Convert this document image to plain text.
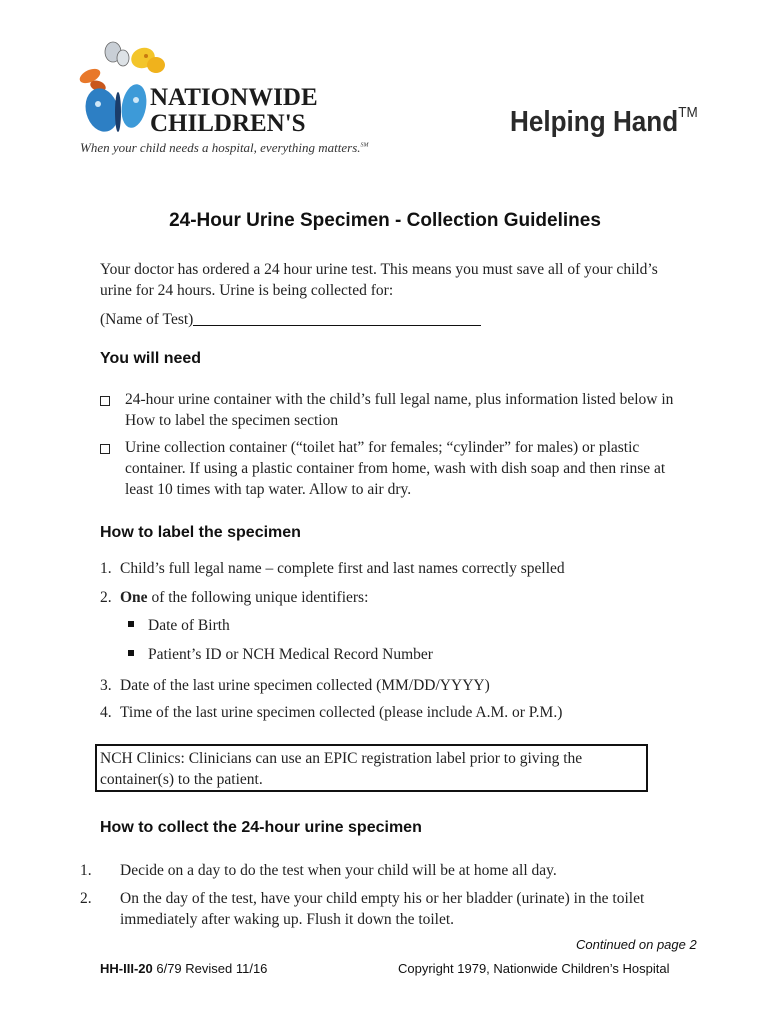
NATIONWIDE
CHILDREN'S
When your child needs a hospital, everything matters.℠
Helping Hand™
24-Hour Urine Specimen - Collection Guidelines
Your doctor has ordered a 24 hour urine test. This means you must save all of your child’s urine for 24 hours. Urine is being collected for:
(Name of Test)
You will need
24-hour urine container with the child’s full legal name, plus information listed below in How to label the specimen section
Urine collection container (“toilet hat” for females; “cylinder” for males) or plastic container. If using a plastic container from home, wash with dish soap and then rinse at least 10 times with tap water. Allow to air dry.
How to label the specimen
1. Child’s full legal name – complete first and last names correctly spelled
2. One of the following unique identifiers:
Date of Birth
Patient’s ID or NCH Medical Record Number
3. Date of the last urine specimen collected (MM/DD/YYYY)
4. Time of the last urine specimen collected (please include A.M. or P.M.)
NCH Clinics: Clinicians can use an EPIC registration label prior to giving the container(s) to the patient.
How to collect the 24-hour urine specimen
1. Decide on a day to do the test when your child will be at home all day.
2. On the day of the test, have your child empty his or her bladder (urinate) in the toilet immediately after waking up. Flush it down the toilet.
Continued on page 2
HH-III-20 6/79 Revised 11/16	Copyright 1979, Nationwide Children’s Hospital
